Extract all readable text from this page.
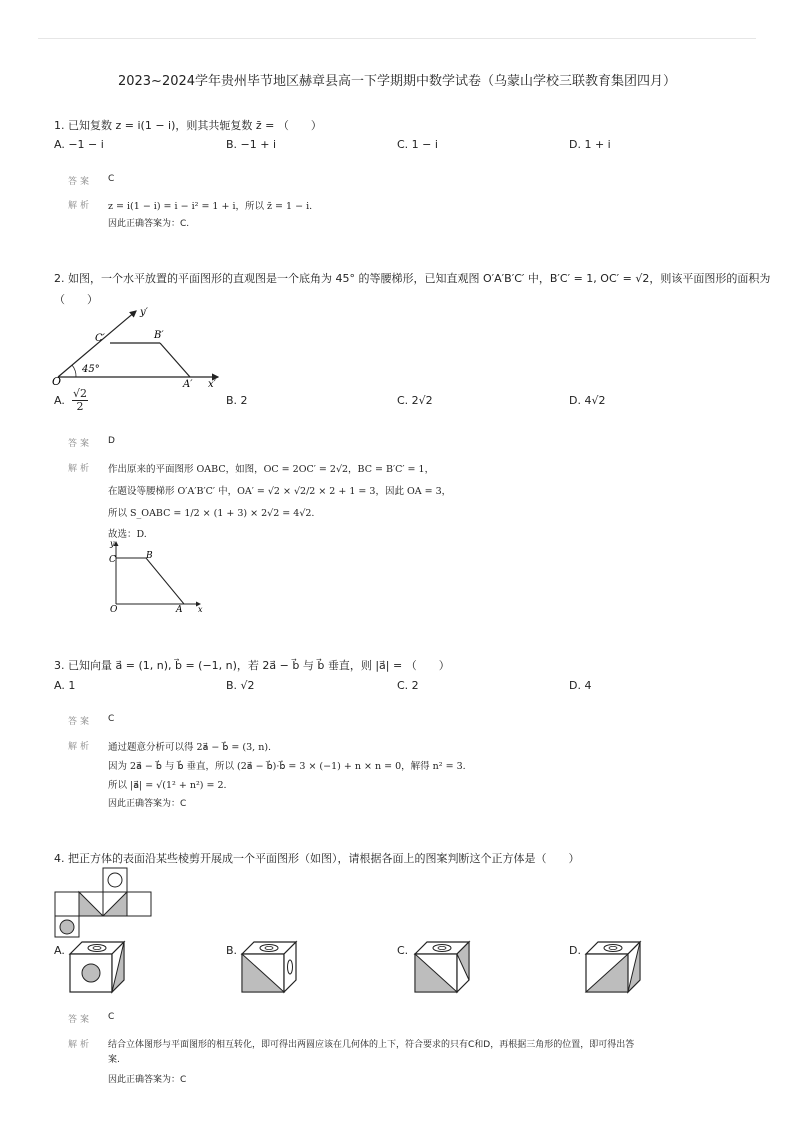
2023~2024学年贵州毕节地区赫章县高一下学期期中数学试卷（乌蒙山学校三联教育集团四月）
1. 已知复数 z = i(1 − i)，则其共轭复数 z̄ = （　　）
A. −1 − i	B. −1 + i	C. 1 − i	D. 1 + i
答案 C
解析 z = i(1 − i) = i − i² = 1 + i，所以 z̄ = 1 − i.
因此正确答案为：C.
2. 如图，一个水平放置的平面图形的直观图是一个底角为 45° 的等腰梯形，已知直观图 O′A′B′C′ 中，B′C′ = 1, OC′ = √2，则该平面图形的面积为
（　　）
O	A′
B′
C′
x′
y′
45°
A. $\frac{√2}{2}$	B. 2	C. 2√2	D. 4√2
答案 D
解析 作出原来的平面图形 OABC，如图，OC = 2OC′ = 2√2，BC = B′C′ = 1，
在题设等腰梯形 O′A′B′C′ 中，OA′ = √2 × √2/2 × 2 + 1 = 3，因此 OA = 3，
所以 S_OABC = 1/2 × (1 + 3) × 2√2 = 4√2.
故选：D.
O	A
B
C
x
y
3. 已知向量 a⃗ = (1, n), b⃗ = (−1, n)，若 2a⃗ − b⃗ 与 b⃗ 垂直，则 |a⃗| = （　　）
A. 1	B. √2	C. 2	D. 4
答案 C
解析 通过题意分析可以得 2a⃗ − b⃗ = (3, n).
因为 2a⃗ − b⃗ 与 b⃗ 垂直，所以 (2a⃗ − b⃗)·b⃗ = 3 × (−1) + n × n = 0，解得 n² = 3.
所以 |a⃗| = √(1² + n²) = 2.
因此正确答案为：C
4. 把正方体的表面沿某些棱剪开展成一个平面图形（如图），请根据各面上的图案判断这个正方体是（　　）
A.	B.	C.	D.
答案 C
解析 结合立体图形与平面图形的相互转化，即可得出两圆应该在几何体的上下，符合要求的只有C和D，再根据三角形的位置，即可得出答
案.
因此正确答案为：C
